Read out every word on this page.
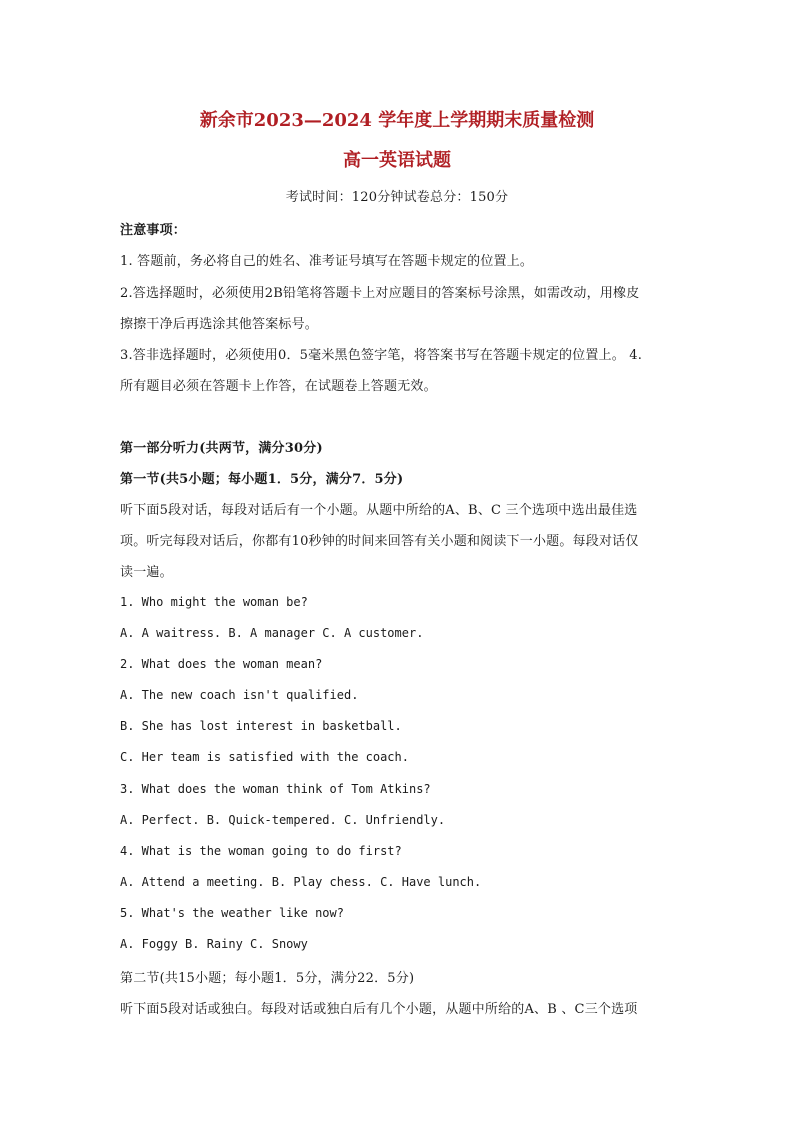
新余市2023—2024 学年度上学期期末质量检测
高一英语试题
考试时间：120分钟试卷总分：150分
注意事项：
1. 答题前，务必将自己的姓名、准考证号填写在答题卡规定的位置上。
2.答选择题时，必须使用2B铅笔将答题卡上对应题目的答案标号涂黑，如需改动，用橡皮
擦擦干净后再选涂其他答案标号。
3.答非选择题时，必须使用0．5毫米黑色签字笔，将答案书写在答题卡规定的位置上。 4.
所有题目必须在答题卡上作答，在试题卷上答题无效。
第一部分听力(共两节，满分30分)
第一节(共5小题；每小题1．5分，满分7．5分)
听下面5段对话，每段对话后有一个小题。从题中所给的A、B、C 三个选项中选出最佳选
项。听完每段对话后，你都有10秒钟的时间来回答有关小题和阅读下一小题。每段对话仅
读一遍。
1. Who might the woman be?
A. A waitress. B. A manager C. A customer.
2. What does the woman mean?
A. The new coach isn't qualified.
B. She has lost interest in basketball.
C. Her team is satisfied with the coach.
3. What does the woman think of Tom Atkins?
A. Perfect. B. Quick-tempered. C. Unfriendly.
4. What is the woman going to do first?
A. Attend a meeting. B. Play chess. C. Have lunch.
5. What's the weather like now?
A. Foggy B. Rainy C. Snowy
第二节(共15小题；每小题1．5分，满分22．5分)
听下面5段对话或独白。每段对话或独白后有几个小题，从题中所给的A、B 、C三个选项
